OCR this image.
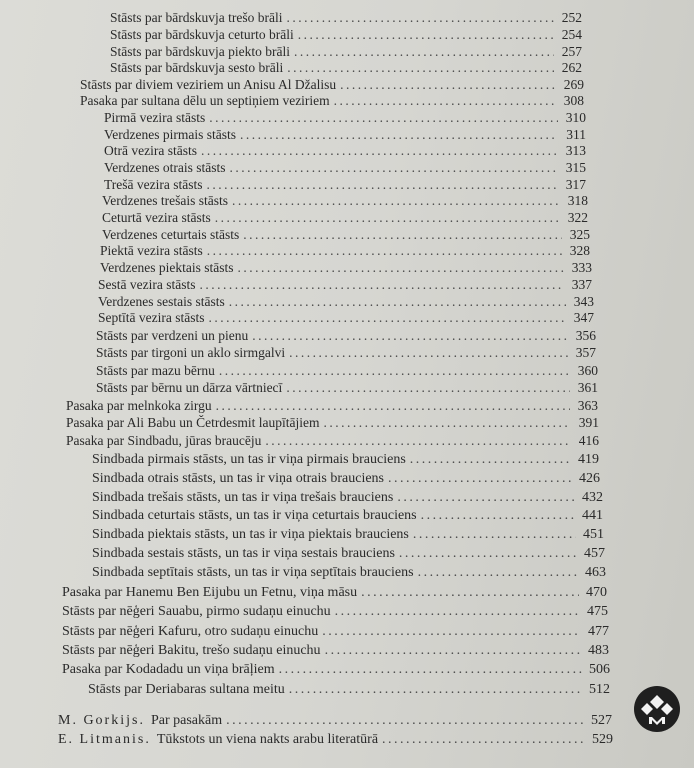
Stāsts par bārdskuvja trešo brāli .....	252
Stāsts par bārdskuvja ceturto brāli .....	254
Stāsts par bārdskuvja piekto brāli .....	257
Stāsts par bārdskuvja sesto brāli .....	262
Stāsts par diviem veziriem un Anisu Al Džalisu .....	269
Pasaka par sultana dēlu un septiņiem veziriem .....	308
Pirmā vezira stāsts .....	310
Verdzenes pirmais stāsts .....	311
Otrā vezira stāsts .....	313
Verdzenes otrais stāsts .....	315
Trešā vezira stāsts .....	317
Verdzenes trešais stāsts .....	318
Ceturtā vezira stāsts .....	322
Verdzenes ceturtais stāsts .....	325
Piektā vezira stāsts .....	328
Verdzenes piektais stāsts .....	333
Sestā vezira stāsts .....	337
Verdzenes sestais stāsts .....	343
Septītā vezira stāsts .....	347
Stāsts par verdzeni un pienu .....	356
Stāsts par tirgoni un aklo sirmgalvi .....	357
Stāsts par mazu bērnu .....	360
Stāsts par bērnu un dārza vārtniecī .....	361
Pasaka par melnkoka zirgu .....	363
Pasaka par Ali Babu un Četrdesmit laupītājiem .....	391
Pasaka par Sindbadu, jūras braucēju .....	416
Sindbada pirmais stāsts, un tas ir viņa pirmais brauciens .....	419
Sindbada otrais stāsts, un tas ir viņa otrais brauciens .....	426
Sindbada trešais stāsts, un tas ir viņa trešais brauciens .....	432
Sindbada ceturtais stāsts, un tas ir viņa ceturtais brauciens .....	441
Sindbada piektais stāsts, un tas ir viņa piektais brauciens .....	451
Sindbada sestais stāsts, un tas ir viņa sestais brauciens .....	457
Sindbada septītais stāsts, un tas ir viņa septītais brauciens .....	463
Pasaka par Hanemu Ben Eijubu un Fetnu, viņa māsu .....	470
Stāsts par nēģeri Sauabu, pirmo sudaņu einuchu .....	475
Stāsts par nēģeri Kafuru, otro sudaņu einuchu .....	477
Stāsts par nēģeri Bakitu, trešo sudaņu einuchu .....	483
Pasaka par Kodadadu un viņa brāļiem .....	506
Stāsts par Deriabaras sultana meitu .....	512
M. Gorkijs. Par pasakām .....	527
E. Litmanis. Tūkstots un viena nakts arabu literatūrā .....	529
